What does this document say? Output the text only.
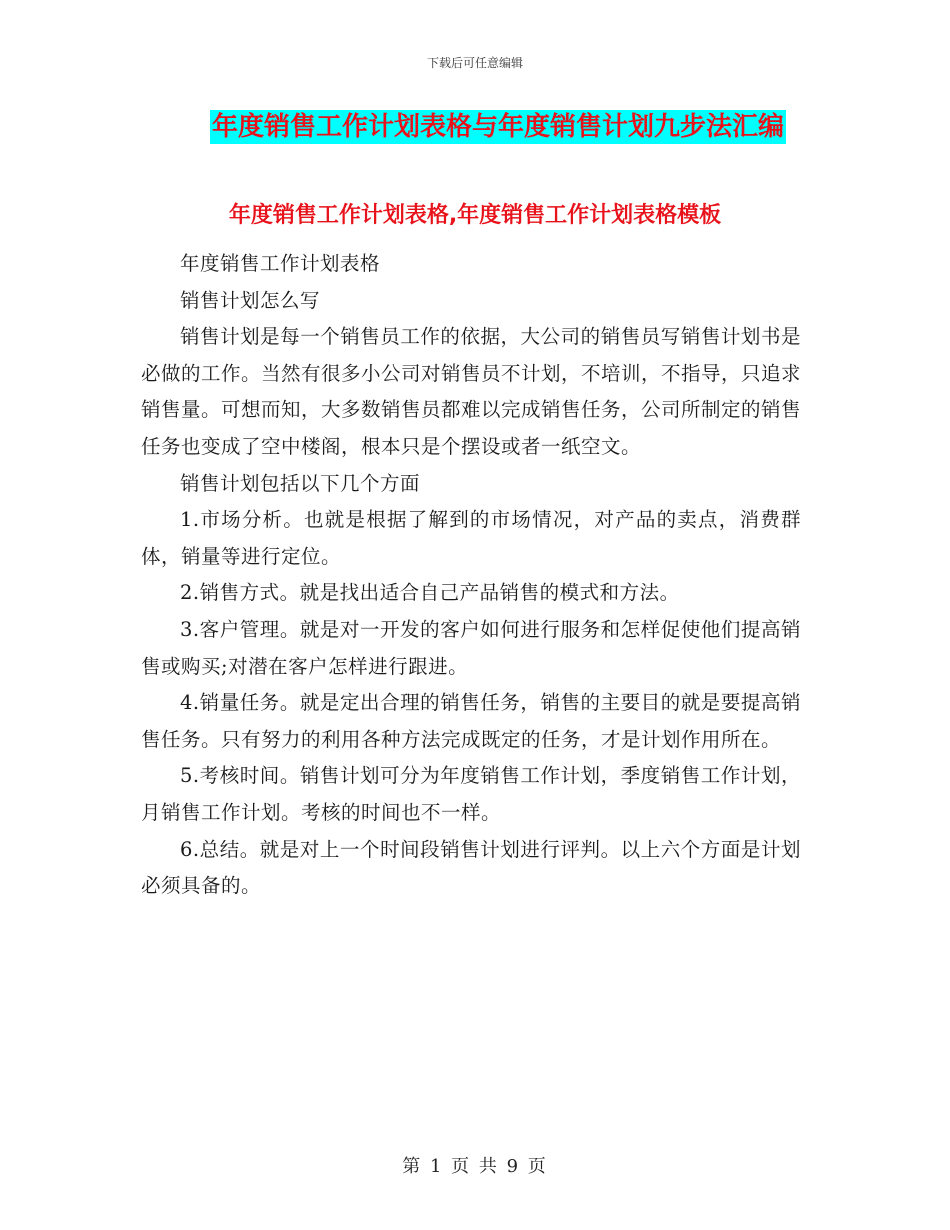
下载后可任意编辑
年度销售工作计划表格与年度销售计划九步法汇编
年度销售工作计划表格,年度销售工作计划表格模板

年度销售工作计划表格

销售计划怎么写

销售计划是每一个销售员工作的依据，大公司的销售员写销售计划书是必做的工作。当然有很多小公司对销售员不计划，不培训，不指导，只追求销售量。可想而知，大多数销售员都难以完成销售任务，公司所制定的销售任务也变成了空中楼阁，根本只是个摆设或者一纸空文。

销售计划包括以下几个方面

1.市场分析。也就是根据了解到的市场情况，对产品的卖点，消费群体，销量等进行定位。

2.销售方式。就是找出适合自己产品销售的模式和方法。

3.客户管理。就是对一开发的客户如何进行服务和怎样促使他们提高销售或购买;对潜在客户怎样进行跟进。

4.销量任务。就是定出合理的销售任务，销售的主要目的就是要提高销售任务。只有努力的利用各种方法完成既定的任务，才是计划作用所在。

5.考核时间。销售计划可分为年度销售工作计划，季度销售工作计划，月销售工作计划。考核的时间也不一样。

6.总结。就是对上一个时间段销售计划进行评判。以上六个方面是计划必须具备的。

第 1 页 共 9 页
